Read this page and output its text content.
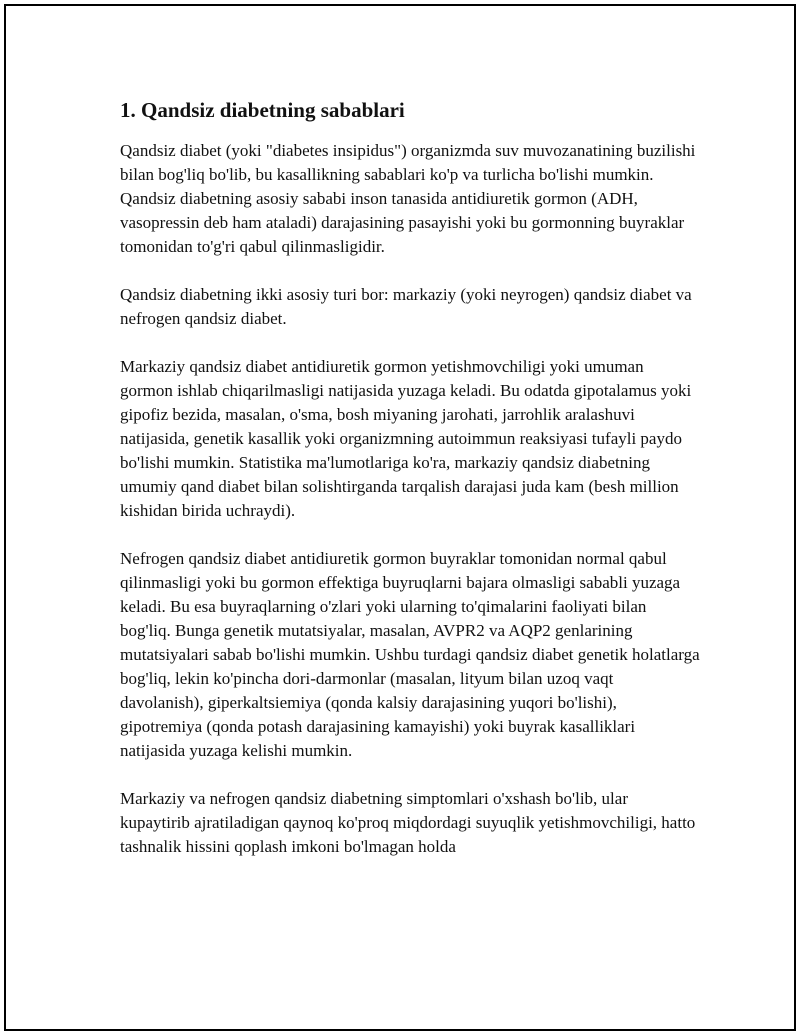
1. Qandsiz diabetning sabablari

Qandsiz diabet (yoki "diabetes insipidus") organizmda suv muvozanatining buzilishi bilan bog'liq bo'lib, bu kasallikning sabablari ko'p va turlicha bo'lishi mumkin. Qandsiz diabetning asosiy sababi inson tanasida antidiuretik gormon (ADH, vasopressin deb ham ataladi) darajasining pasayishi yoki bu gormonning buyraklar tomonidan to'g'ri qabul qilinmasligidir.

Qandsiz diabetning ikki asosiy turi bor: markaziy (yoki neyrogen) qandsiz diabet va nefrogen qandsiz diabet.

Markaziy qandsiz diabet antidiuretik gormon yetishmovchiligi yoki umuman gormon ishlab chiqarilmasligi natijasida yuzaga keladi. Bu odatda gipotalamus yoki gipofiz bezida, masalan, o'sma, bosh miyaning jarohati, jarrohlik aralashuvi natijasida, genetik kasallik yoki organizmning autoimmun reaksiyasi tufayli paydo bo'lishi mumkin. Statistika ma'lumotlariga ko'ra, markaziy qandsiz diabetning umumiy qand diabet bilan solishtirganda tarqalish darajasi juda kam (besh million kishidan birida uchraydi).

Nefrogen qandsiz diabet antidiuretik gormon buyraklar tomonidan normal qabul qilinmasligi yoki bu gormon effektiga buyruqlarni bajara olmasligi sababli yuzaga keladi. Bu esa buyraqlarning o'zlari yoki ularning to'qimalarini faoliyati bilan bog'liq. Bunga genetik mutatsiyalar, masalan, AVPR2 va AQP2 genlarining mutatsiyalari sabab bo'lishi mumkin. Ushbu turdagi qandsiz diabet genetik holatlarga bog'liq, lekin ko'pincha dori-darmonlar (masalan, lityum bilan uzoq vaqt davolanish), giperkaltsiemiya (qonda kalsiy darajasining yuqori bo'lishi), gipotremiya (qonda potash darajasining kamayishi) yoki buyrak kasalliklari natijasida yuzaga kelishi mumkin.

Markaziy va nefrogen qandsiz diabetning simptomlari o'xshash bo'lib, ular kupaytirib ajratiladigan qaynoq ko'proq miqdordagi suyuqlik yetishmovchiligi, hatto tashnalik hissini qoplash imkoni bo'lmagan holda
